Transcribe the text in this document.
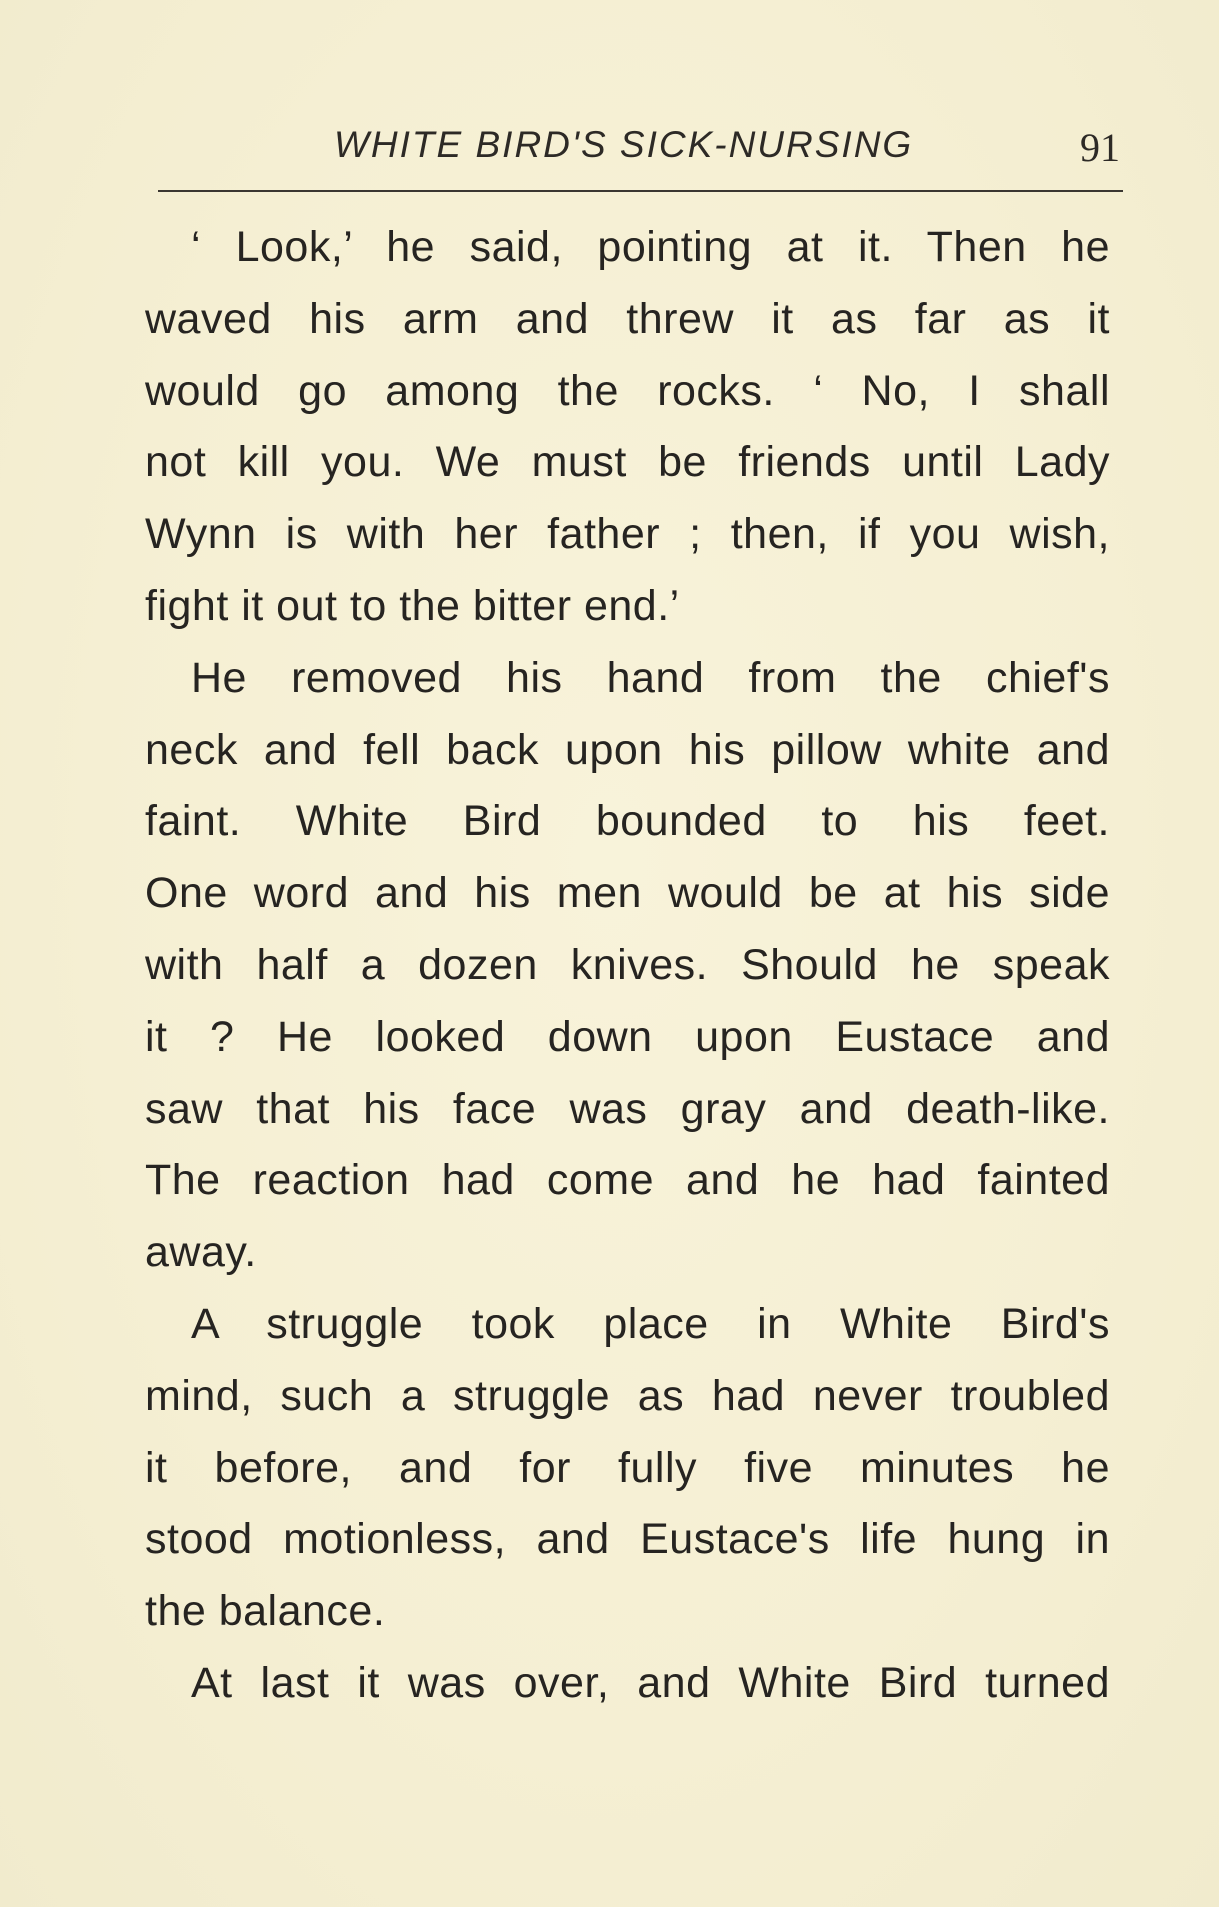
WHITE BIRD'S SICK-NURSING	91
‘ Look,’ he said, pointing at it. Then he
waved his arm and threw it as far as it
would go among the rocks. ‘ No, I shall
not kill you. We must be friends until Lady
Wynn is with her father ; then, if you wish,
fight it out to the bitter end.’
He removed his hand from the chief's
neck and fell back upon his pillow white and
faint. White Bird bounded to his feet.
One word and his men would be at his side
with half a dozen knives. Should he speak
it ? He looked down upon Eustace and
saw that his face was gray and death-like.
The reaction had come and he had fainted
away.
A struggle took place in White Bird's
mind, such a struggle as had never troubled
it before, and for fully five minutes he
stood motionless, and Eustace's life hung in
the balance.
At last it was over, and White Bird turned
